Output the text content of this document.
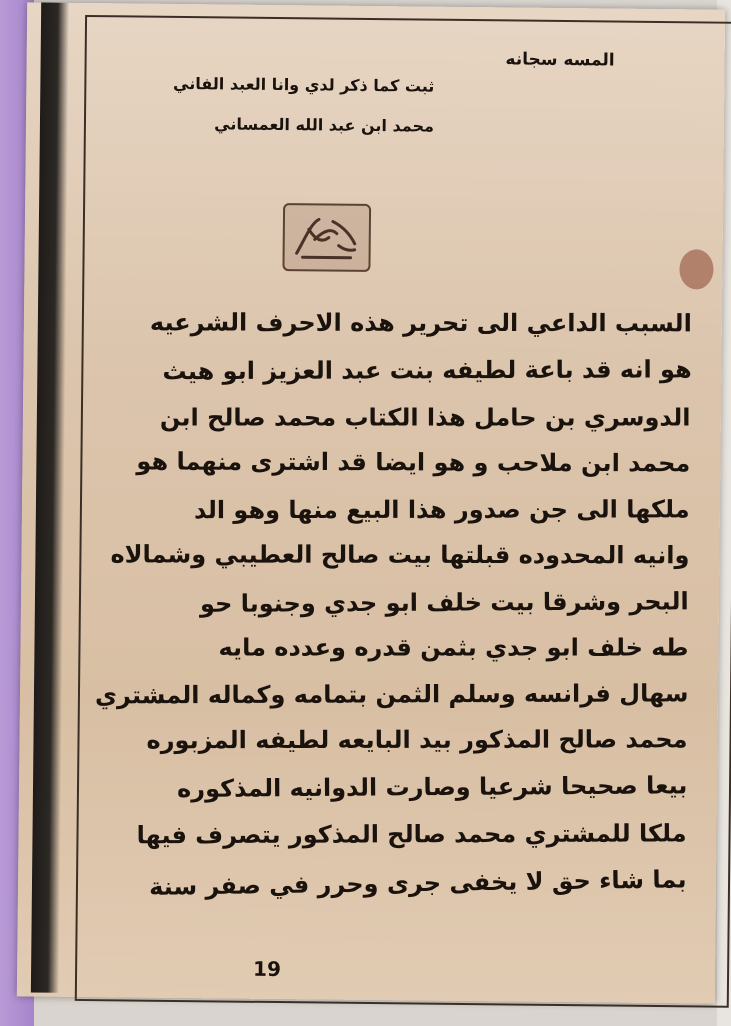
المسه سجانه
ثبت كما ذكر لدي وانا العبد الفاني
محمد ابن عبد الله العمساني
السبب الداعي الى تحرير هذه الاحرف الشرعيه
هو انه قد باعة لطيفه بنت عبد العزيز ابو هيث
الدوسري بن حامل هذا الكتاب محمد صالح ابن
محمد ابن ملاحب و هو ايضا قد اشترى منهما هو
ملكها الى جن صدور هذا البيع منها وهو الد
وانيه المحدوده قبلتها بيت صالح العطيبي وشمالاه
البحر وشرقا بيت خلف ابو جدي وجنوبا حو
طه خلف ابو جدي بثمن قدره وعدده مايه
سهال فرانسه وسلم الثمن بتمامه وكماله المشتري
محمد صالح المذكور بيد البايعه لطيفه المزبوره
بيعا صحيحا شرعيا وصارت الدوانيه المذكوره
ملكا للمشتري محمد صالح المذكور يتصرف فيها
بما شاء حق لا يخفى جرى وحرر في صفر سنة
19
